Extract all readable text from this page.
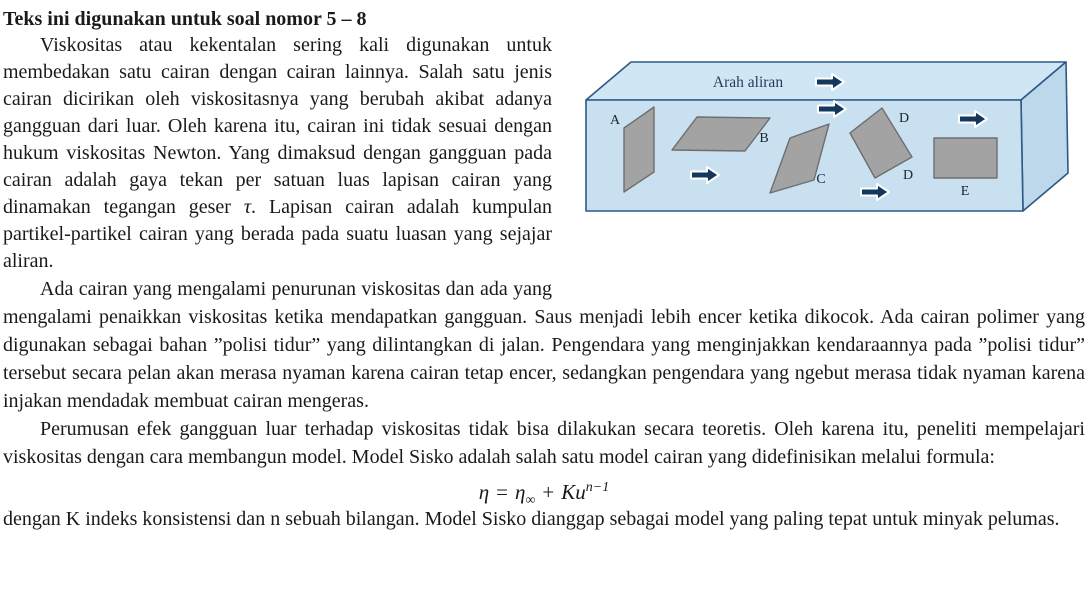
Arah aliran
A
B
C
D
D
E
Teks ini digunakan untuk soal nomor 5 – 8

Viskositas atau kekentalan sering kali digunakan untuk membedakan satu cairan dengan cairan lainnya. Salah satu jenis cairan dicirikan oleh viskositasnya yang berubah akibat adanya gangguan dari luar. Oleh karena itu, cairan ini tidak sesuai dengan hukum viskositas Newton. Yang dimaksud dengan gangguan pada cairan adalah gaya tekan per satuan luas lapisan cairan yang dinamakan tegangan geser τ. Lapisan cairan adalah kumpulan partikel-partikel cairan yang berada pada suatu luasan yang sejajar aliran.

Ada cairan yang mengalami penurunan viskositas dan ada yang mengalami penaikkan viskositas ketika mendapatkan gangguan. Saus menjadi lebih encer ketika dikocok. Ada cairan polimer yang digunakan sebagai bahan ”polisi tidur” yang dilintangkan di jalan. Pengendara yang menginjakkan kendaraannya pada ”polisi tidur” tersebut secara pelan akan merasa nyaman karena cairan tetap encer, sedangkan pengendara yang ngebut merasa tidak nyaman karena injakan mendadak membuat cairan mengeras.

Perumusan efek gangguan luar terhadap viskositas tidak bisa dilakukan secara teoretis. Oleh karena itu, peneliti mempelajari viskositas dengan cara membangun model. Model Sisko adalah salah satu model cairan yang didefinisikan melalui formula:

$\eta = \eta_\infty + Ku^{n-1}$

dengan K indeks konsistensi dan n sebuah bilangan. Model Sisko dianggap sebagai model yang paling tepat untuk minyak pelumas.
